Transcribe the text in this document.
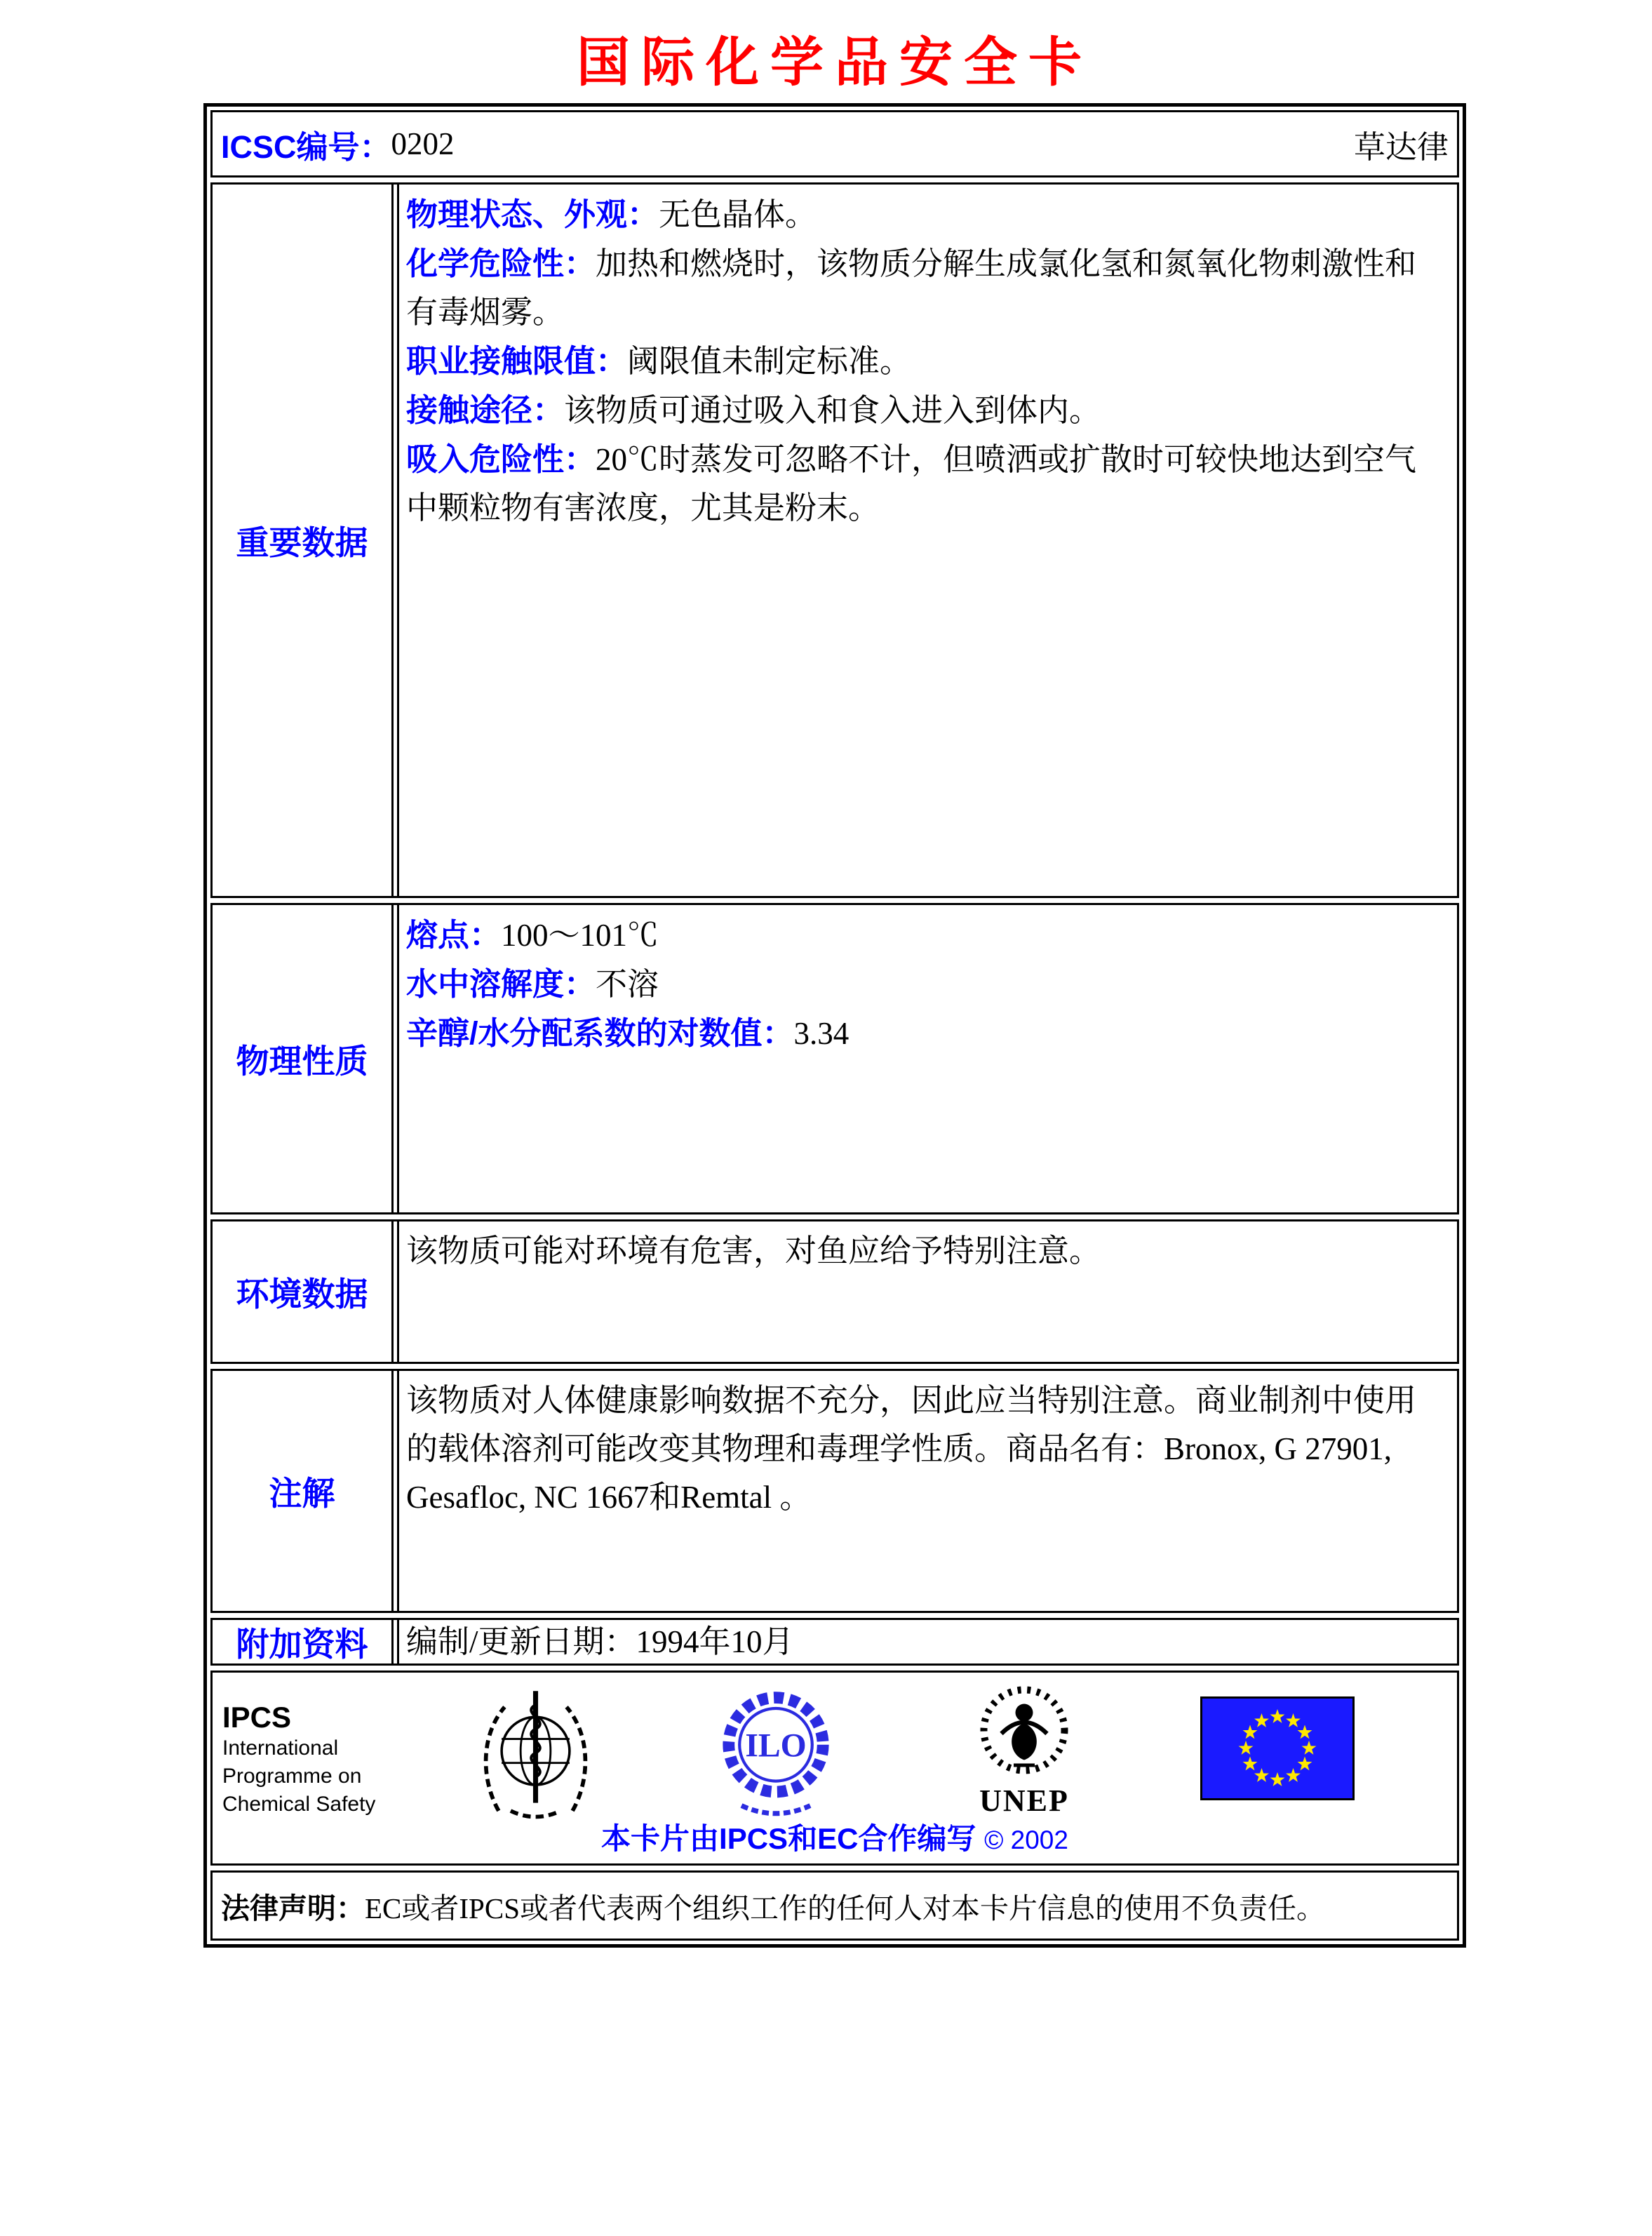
国际化学品安全卡
ICSC编号： 0202	草达律
重要数据

物理状态、外观：无色晶体。

化学危险性：加热和燃烧时，该物质分解生成氯化氢和氮氧化物刺激性和有毒烟雾。

职业接触限值：阈限值未制定标准。

接触途径：该物质可通过吸入和食入进入到体内。

吸入危险性：20℃时蒸发可忽略不计，但喷洒或扩散时可较快地达到空气中颗粒物有害浓度，尤其是粉末。

物理性质

熔点：100～101℃

水中溶解度：不溶

辛醇/水分配系数的对数值：3.34

环境数据

该物质可能对环境有危害，对鱼应给予特别注意。

注解

该物质对人体健康影响数据不充分，因此应当特别注意。商业制剂中使用的载体溶剂可能改变其物理和毒理学性质。商品名有：Bronox, G 27901, Gesafloc, NC 1667和Remtal 。

附加资料 编制/更新日期： 1994年10月
IPCS
International
Programme on
Chemical Safety
ILO
UNEP
本卡片由IPCS和EC合作编写 © 2002
法律声明： EC或者IPCS或者代表两个组织工作的任何人对本卡片信息的使用不负责任。
